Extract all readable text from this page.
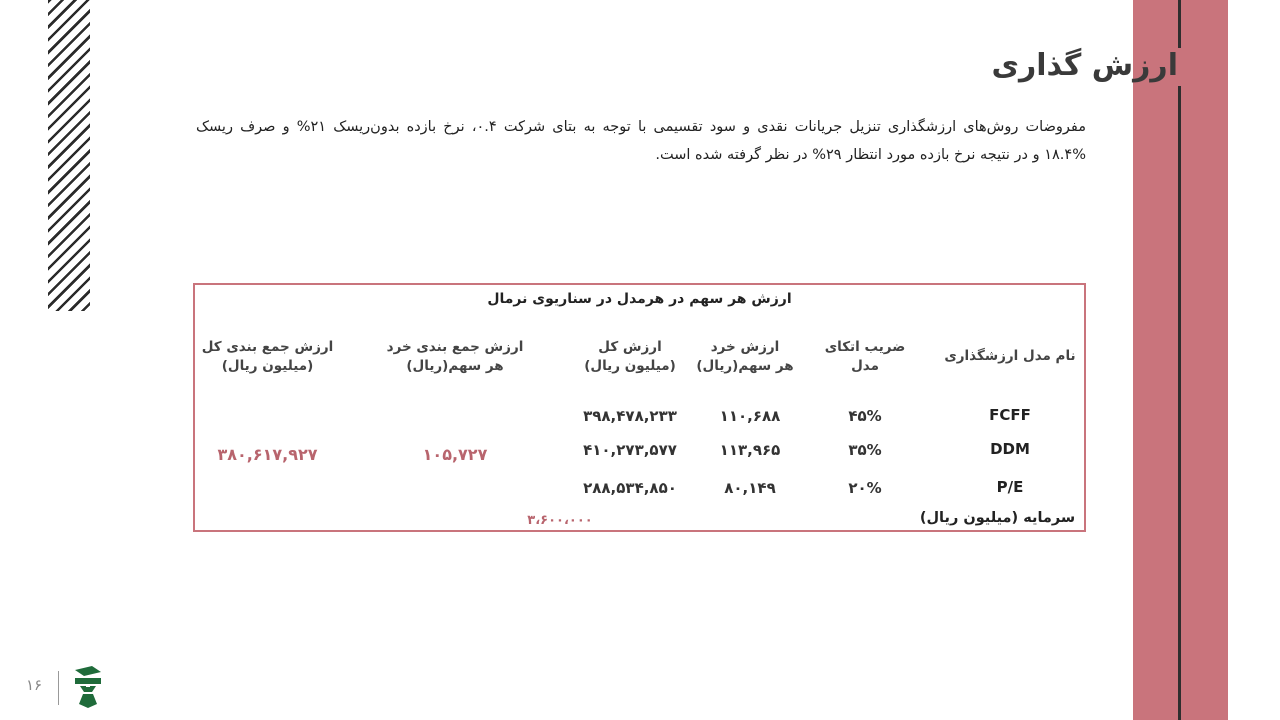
ارزش گذاری
مفروضات روش‌های ارزشگذاری تنزیل جریانات نقدی و سود تقسیمی با توجه به بتای شرکت ۰.۴، نرخ بازده بدون‌ریسک ۲۱% و صرف ریسک
۱۸.۴% و در نتیجه نرخ بازده مورد انتظار ۲۹% در نظر گرفته شده است.
ارزش هر سهم در هرمدل در سناریوی نرمال
نام مدل ارزشگذاری
ضریب اتکای
مدل
ارزش خرد
هر سهم(ریال)
ارزش کل
(میلیون ریال)
ارزش جمع بندی خرد
هر سهم(ریال)
ارزش جمع بندی کل
(میلیون ریال)
FCFF
۴۵%
۱۱۰,۶۸۸
۳۹۸,۴۷۸,۲۳۳
DDM
۳۵%
۱۱۳,۹۶۵
۴۱۰,۲۷۳,۵۷۷
۱۰۵,۷۲۷
۳۸۰,۶۱۷,۹۲۷
P/E
۲۰%
۸۰,۱۴۹
۲۸۸,۵۳۴,۸۵۰
سرمایه (میلیون ریال)
۳،۶۰۰،۰۰۰
۱۶
